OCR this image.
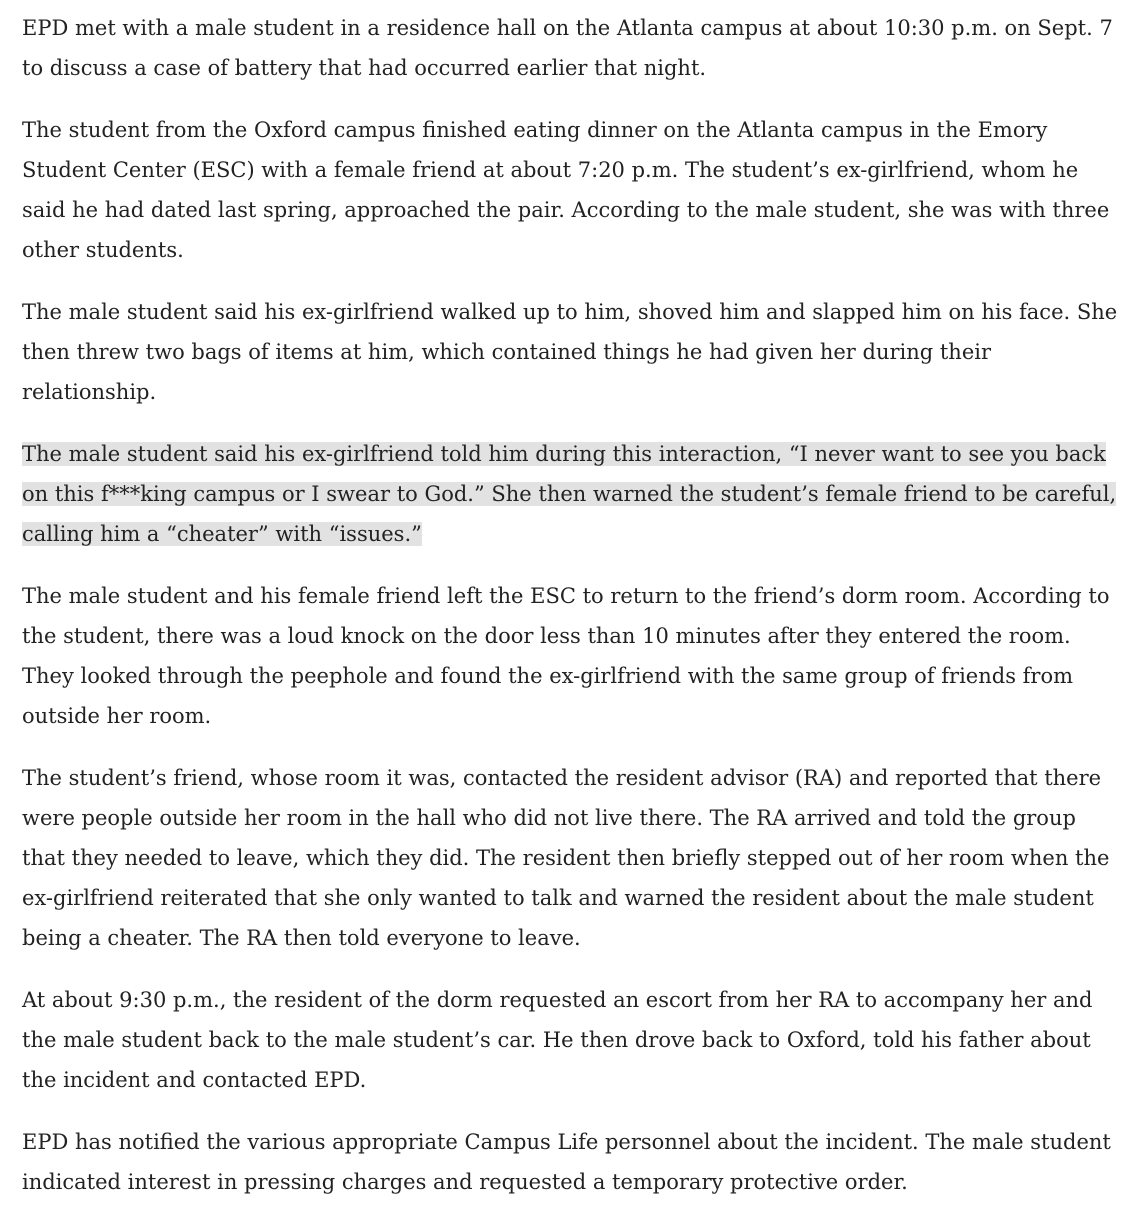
EPD met with a male student in a residence hall on the Atlanta campus at about 10:30 p.m. on Sept. 7 to discuss a case of battery that had occurred earlier that night.

The student from the Oxford campus finished eating dinner on the Atlanta campus in the Emory Student Center (ESC) with a female friend at about 7:20 p.m. The student’s ex-girlfriend, whom he said he had dated last spring, approached the pair. According to the male student, she was with three other students.

The male student said his ex-girlfriend walked up to him, shoved him and slapped him on his face. She then threw two bags of items at him, which contained things he had given her during their relationship.

The male student said his ex-girlfriend told him during this interaction, “I never want to see you back on this f***king campus or I swear to God.” She then warned the student’s female friend to be careful, calling him a “cheater” with “issues.”

The male student and his female friend left the ESC to return to the friend’s dorm room. According to the student, there was a loud knock on the door less than 10 minutes after they entered the room. They looked through the peephole and found the ex-girlfriend with the same group of friends from outside her room.

The student’s friend, whose room it was, contacted the resident advisor (RA) and reported that there were people outside her room in the hall who did not live there. The RA arrived and told the group that they needed to leave, which they did. The resident then briefly stepped out of her room when the ex-girlfriend reiterated that she only wanted to talk and warned the resident about the male student being a cheater. The RA then told everyone to leave.

At about 9:30 p.m., the resident of the dorm requested an escort from her RA to accompany her and the male student back to the male student’s car. He then drove back to Oxford, told his father about the incident and contacted EPD.

EPD has notified the various appropriate Campus Life personnel about the incident. The male student indicated interest in pressing charges and requested a temporary protective order.
